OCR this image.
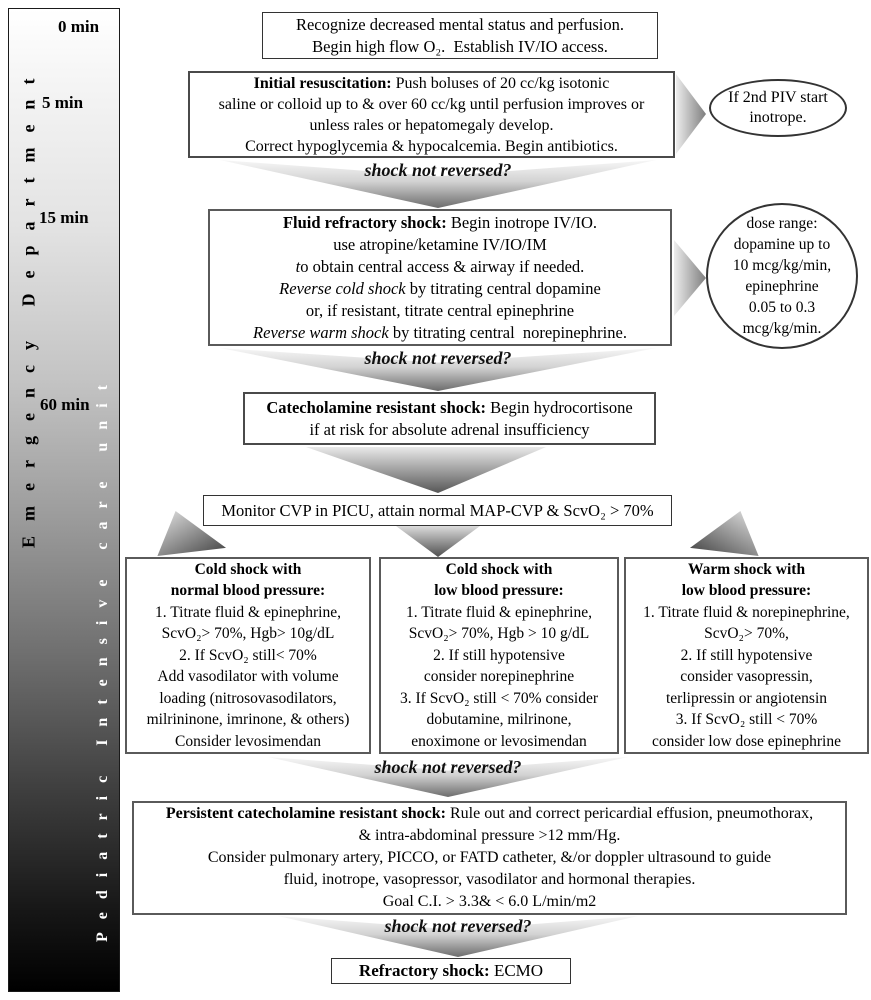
0 min
5 min
15 min
60 min
Emergency Department
Pediatric Intensive care unit
Recognize decreased mental status and perfusion.
Begin high flow O₂.  Establish IV/IO access.
Initial resuscitation: Push boluses of 20 cc/kg isotonic
saline or colloid up to & over 60 cc/kg until perfusion improves or
unless rales or hepatomegaly develop.
Correct hypoglycemia & hypocalcemia. Begin antibiotics.
If 2nd PIV start
inotrope.
shock not reversed?
Fluid refractory shock: Begin inotrope IV/IO.
use atropine/ketamine IV/IO/IM
to obtain central access & airway if needed.
Reverse cold shock by titrating central dopamine
or, if resistant, titrate central epinephrine
Reverse warm shock by titrating central  norepinephrine.
dose range:
dopamine up to
10 mcg/kg/min,
epinephrine
0.05 to 0.3
mcg/kg/min.
shock not reversed?
Catecholamine resistant shock: Begin hydrocortisone
if at risk for absolute adrenal insufficiency
Monitor CVP in PICU, attain normal MAP-CVP & ScvO₂ > 70%
Cold shock with
normal blood pressure:
1. Titrate fluid & epinephrine,
ScvO₂> 70%, Hgb> 10g/dL
2. If ScvO₂ still< 70%
Add vasodilator with volume
loading (nitrosovasodilators,
milrininone, imrinone, & others)
Consider levosimendan
Cold shock with
low blood pressure:
1. Titrate fluid & epinephrine,
ScvO₂> 70%, Hgb > 10 g/dL
2. If still hypotensive
consider norepinephrine
3. If ScvO₂ still < 70% consider
dobutamine, milrinone,
enoximone or levosimendan
Warm shock with
low blood pressure:
1. Titrate fluid & norepinephrine,
ScvO₂> 70%,
2. If still hypotensive
consider vasopressin,
terlipressin or angiotensin
3. If ScvO₂ still < 70%
consider low dose epinephrine
shock not reversed?
Persistent catecholamine resistant shock: Rule out and correct pericardial effusion, pneumothorax,
& intra-abdominal pressure >12 mm/Hg.
Consider pulmonary artery, PICCO, or FATD catheter, &/or doppler ultrasound to guide
fluid, inotrope, vasopressor, vasodilator and hormonal therapies.
Goal C.I. > 3.3& < 6.0 L/min/m2
shock not reversed?
Refractory shock: ECMO
